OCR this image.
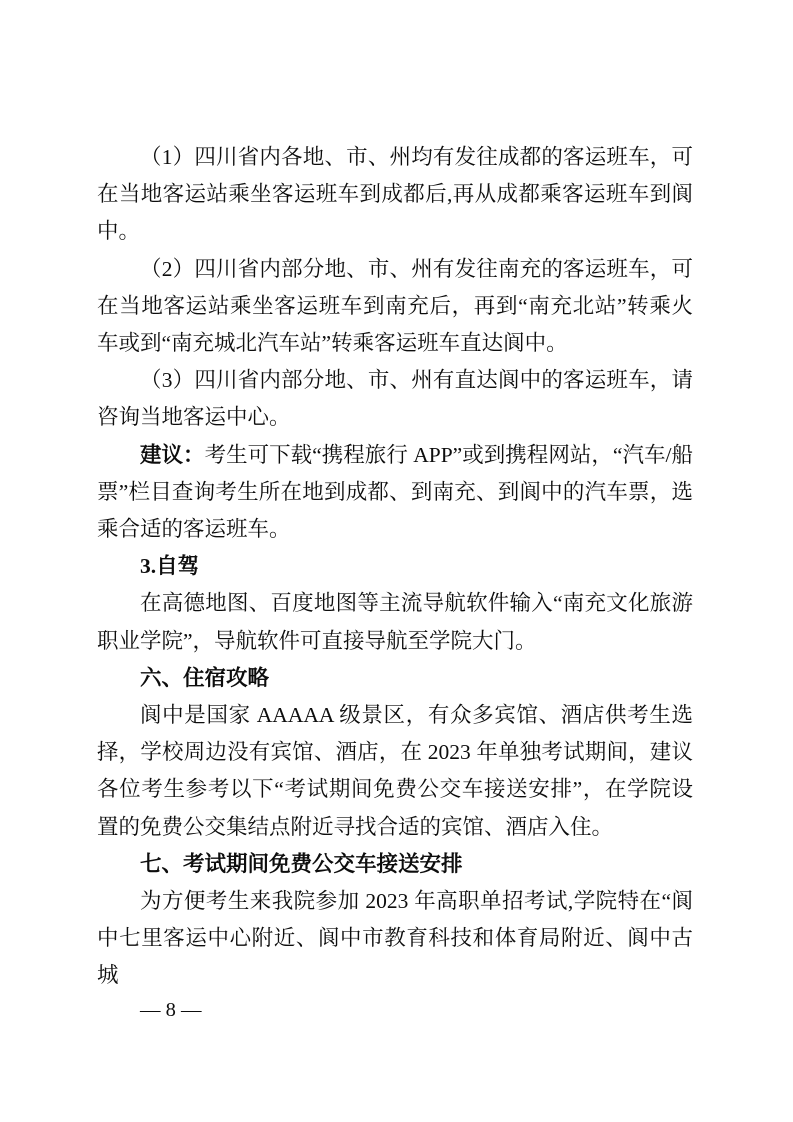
（1）四川省内各地、市、州均有发往成都的客运班车，可在当地客运站乘坐客运班车到成都后,再从成都乘客运班车到阆中。

（2）四川省内部分地、市、州有发往南充的客运班车，可在当地客运站乘坐客运班车到南充后，再到“南充北站”转乘火车或到“南充城北汽车站”转乘客运班车直达阆中。

（3）四川省内部分地、市、州有直达阆中的客运班车，请咨询当地客运中心。

建议：考生可下载“携程旅行 APP”或到携程网站，“汽车/船票”栏目查询考生所在地到成都、到南充、到阆中的汽车票，选乘合适的客运班车。

3.自驾

在高德地图、百度地图等主流导航软件输入“南充文化旅游职业学院”，导航软件可直接导航至学院大门。

六、住宿攻略

阆中是国家 AAAAA 级景区，有众多宾馆、酒店供考生选择，学校周边没有宾馆、酒店，在 2023 年单独考试期间，建议各位考生参考以下“考试期间免费公交车接送安排”，在学院设置的免费公交集结点附近寻找合适的宾馆、酒店入住。

七、考试期间免费公交车接送安排

为方便考生来我院参加 2023 年高职单招考试,学院特在“阆中七里客运中心附近、阆中市教育科技和体育局附近、阆中古城

— 8 —
